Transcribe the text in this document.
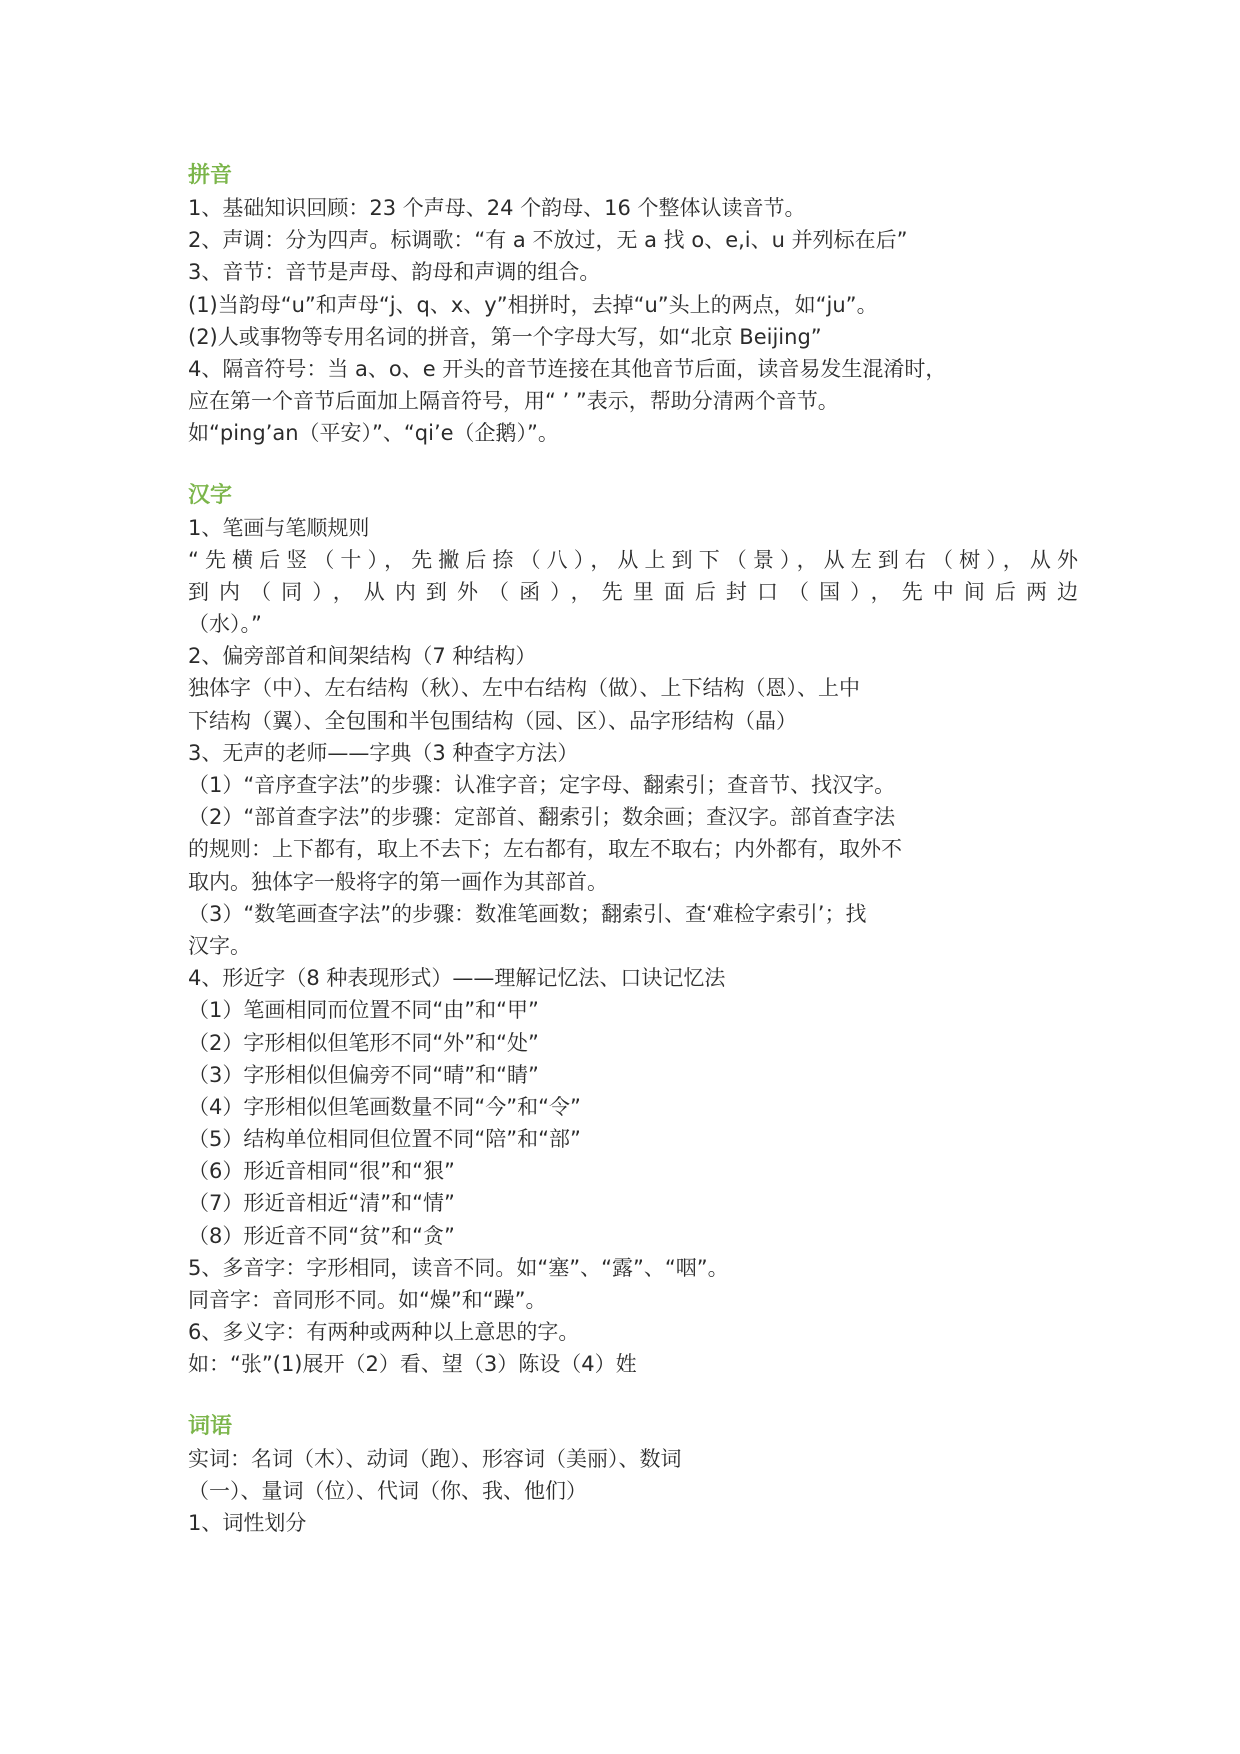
拼音
1、基础知识回顾：23 个声母、24 个韵母、16 个整体认读音节。
2、声调：分为四声。标调歌：“有 a 不放过，无 a 找 o、e,i、u 并列标在后”
3、音节：音节是声母、韵母和声调的组合。
(1)当韵母“u”和声母“j、q、x、y”相拼时，去掉“u”头上的两点，如“ju”。
(2)人或事物等专用名词的拼音，第一个字母大写，如“北京 Beijing”
4、隔音符号：当 a、o、e 开头的音节连接在其他音节后面，读音易发生混淆时，
应在第一个音节后面加上隔音符号，用“ ’ ”表示，帮助分清两个音节。
如“ping’an（平安）”、“qi’e（企鹅）”。
汉字
1、笔画与笔顺规则
“先横后竖（十），先撇后捺（八），从上到下（景），从左到右（树），从外
到内（同），从内到外（函），先里面后封口（国），先中间后两边
（水）。”
2、偏旁部首和间架结构（7 种结构）
独体字（中）、左右结构（秋）、左中右结构（做）、上下结构（恩）、上中
下结构（翼）、全包围和半包围结构（园、区）、品字形结构（晶）
3、无声的老师——字典（3 种查字方法）
（1）“音序查字法”的步骤：认准字音；定字母、翻索引；查音节、找汉字。
（2）“部首查字法”的步骤：定部首、翻索引；数余画；查汉字。部首查字法
的规则：上下都有，取上不去下；左右都有，取左不取右；内外都有，取外不
取内。独体字一般将字的第一画作为其部首。
（3）“数笔画查字法”的步骤：数准笔画数；翻索引、查‘难检字索引’；找
汉字。
4、形近字（8 种表现形式）——理解记忆法、口诀记忆法
（1）笔画相同而位置不同“由”和“甲”
（2）字形相似但笔形不同“外”和“处”
（3）字形相似但偏旁不同“晴”和“睛”
（4）字形相似但笔画数量不同“今”和“令”
（5）结构单位相同但位置不同“陪”和“部”
（6）形近音相同“很”和“狠”
（7）形近音相近“清”和“情”
（8）形近音不同“贫”和“贪”
5、多音字：字形相同，读音不同。如“塞”、“露”、“咽”。
同音字：音同形不同。如“燥”和“躁”。
6、多义字：有两种或两种以上意思的字。
如：“张”(1)展开（2）看、望（3）陈设（4）姓
词语
实词：名词（木）、动词（跑）、形容词（美丽）、数词
（一）、量词（位）、代词（你、我、他们）
1、词性划分
